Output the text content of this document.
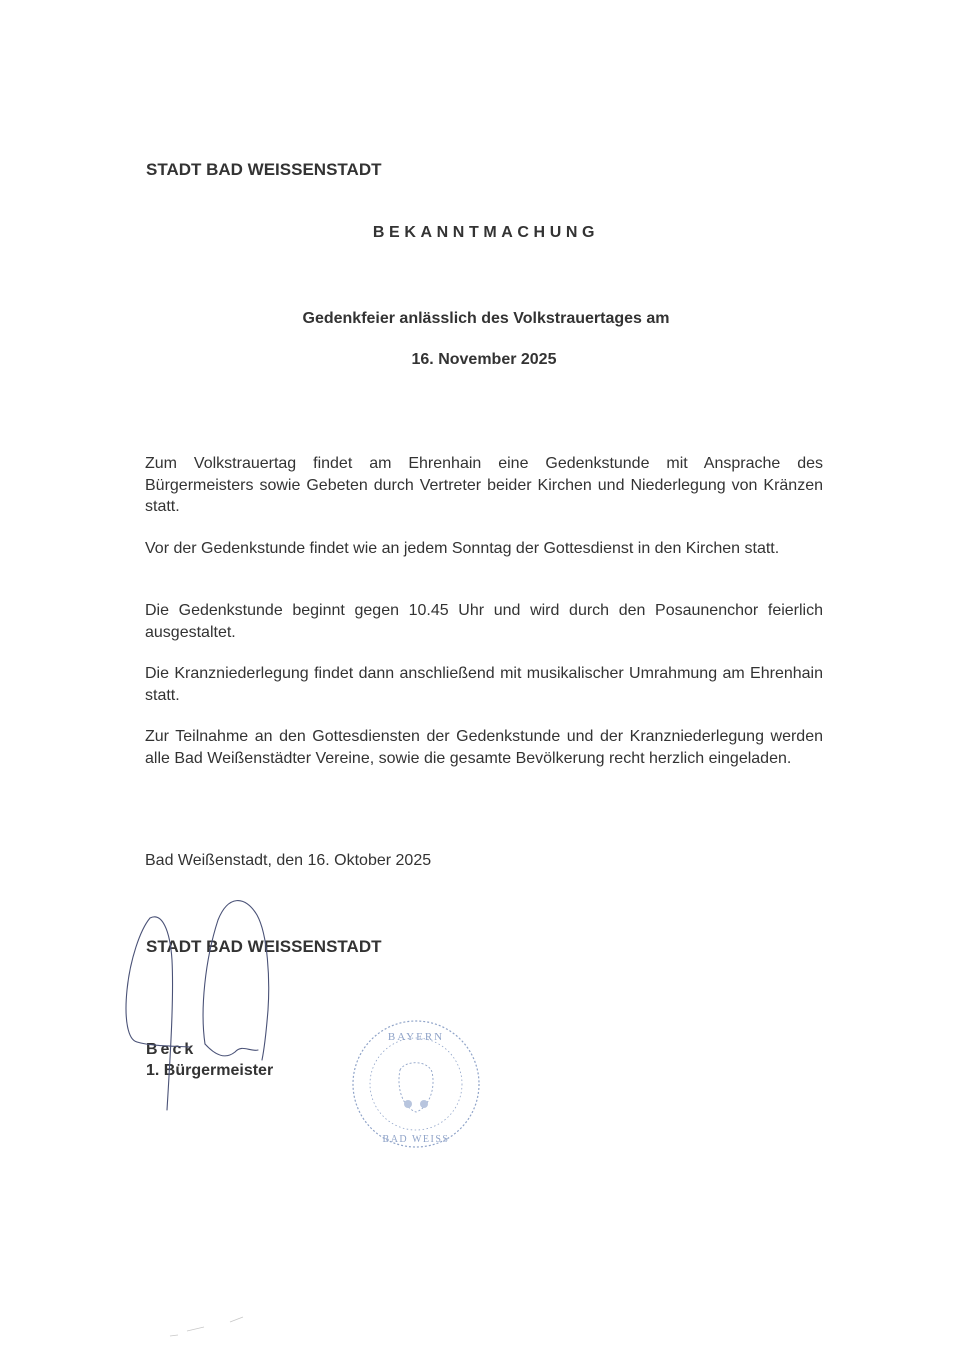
STADT BAD WEISSENSTADT
BEKANNTMACHUNG
Gedenkfeier anlässlich des Volkstrauertages am
16. November 2025
Zum Volkstrauertag findet am Ehrenhain eine Gedenkstunde mit Ansprache des Bürgermeisters sowie Gebeten durch Vertreter beider Kirchen und Niederlegung von Kränzen statt.
Vor der Gedenkstunde findet wie an jedem Sonntag der Gottesdienst in den Kirchen statt.
Die Gedenkstunde beginnt gegen 10.45 Uhr und wird durch den Posaunenchor feierlich ausgestaltet.
Die Kranzniederlegung findet dann anschließend mit musikalischer Umrahmung am Ehrenhain statt.
Zur Teilnahme an den Gottesdiensten der Gedenkstunde und der Kranzniederlegung werden alle Bad Weißenstädter Vereine, sowie die gesamte Bevölkerung recht herzlich eingeladen.
Bad Weißenstadt, den 16. Oktober 2025
STADT BAD WEISSENSTADT
Beck
1. Bürgermeister
BAYERN
BAD WEISS
